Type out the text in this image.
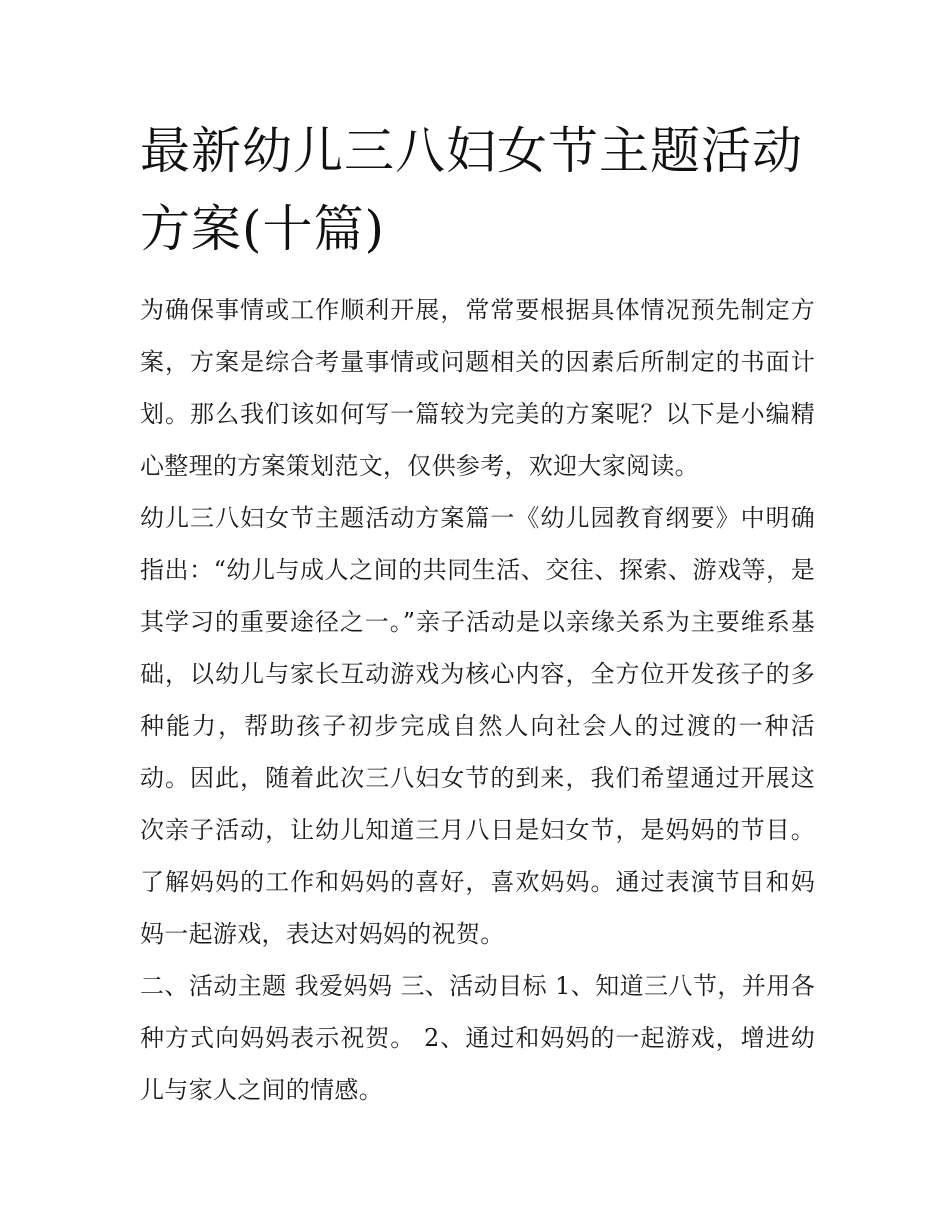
最新幼儿三八妇女节主题活动方案(十篇)

为确保事情或工作顺利开展，常常要根据具体情况预先制定方案，方案是综合考量事情或问题相关的因素后所制定的书面计划。那么我们该如何写一篇较为完美的方案呢？以下是小编精心整理的方案策划范文，仅供参考，欢迎大家阅读。

幼儿三八妇女节主题活动方案篇一《幼儿园教育纲要》中明确指出：“幼儿与成人之间的共同生活、交往、探索、游戏等，是其学习的重要途径之一。”亲子活动是以亲缘关系为主要维系基础，以幼儿与家长互动游戏为核心内容，全方位开发孩子的多种能力，帮助孩子初步完成自然人向社会人的过渡的一种活动。因此，随着此次三八妇女节的到来，我们希望通过开展这次亲子活动，让幼儿知道三月八日是妇女节，是妈妈的节目。了解妈妈的工作和妈妈的喜好，喜欢妈妈。通过表演节目和妈妈一起游戏，表达对妈妈的祝贺。

二、活动主题 我爱妈妈 三、活动目标 1、知道三八节，并用各种方式向妈妈表示祝贺。 2、通过和妈妈的一起游戏，增进幼儿与家人之间的情感。
